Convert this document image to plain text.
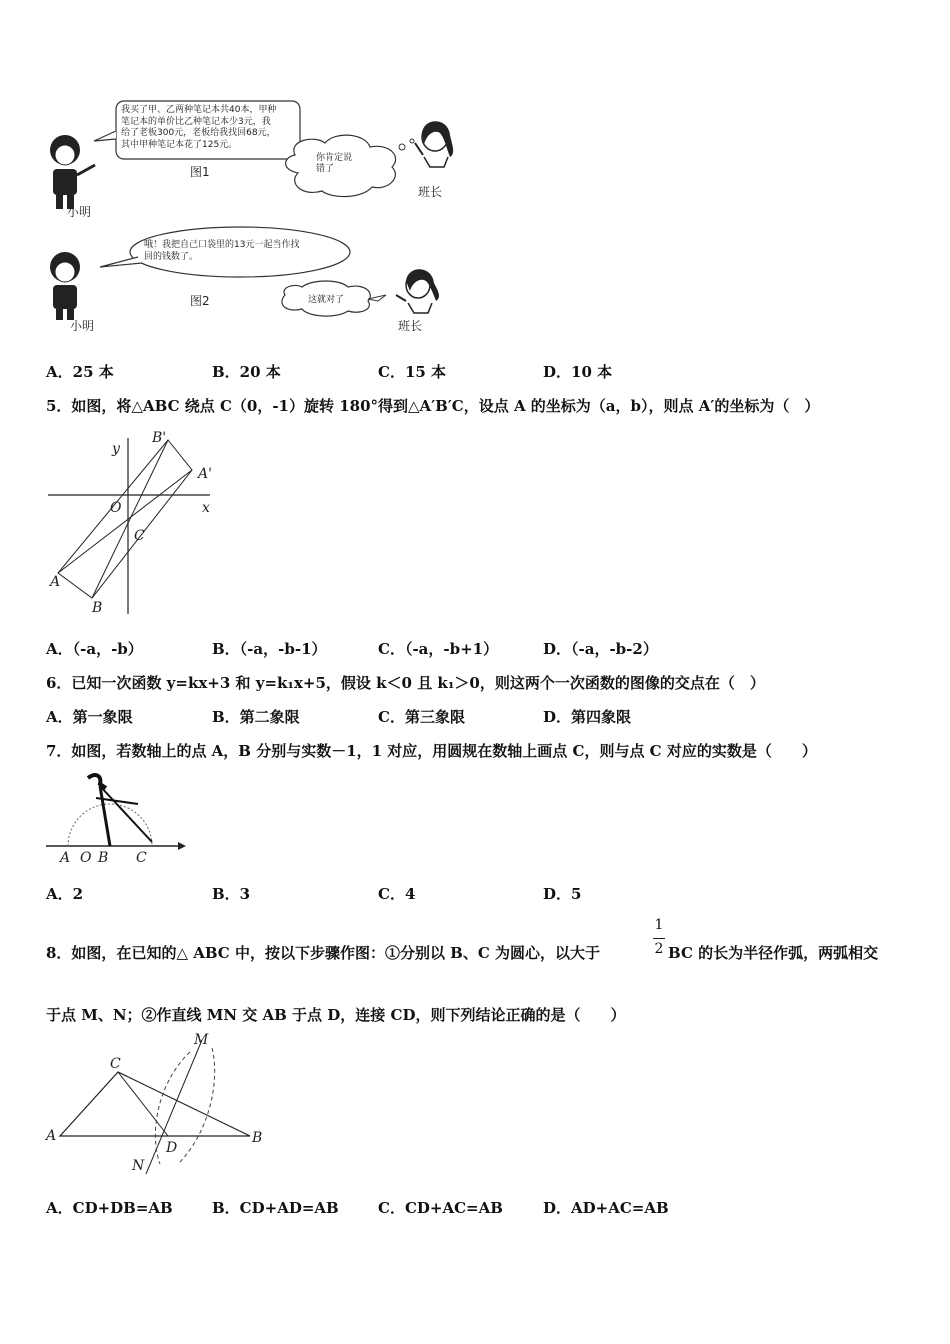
我买了甲、乙两种笔记本共40本，甲种
笔记本的单价比乙种笔记本少3元，我
给了老板300元，老板给我找回68元，
其中甲种笔记本花了125元。
你肯定说
错了
图1
小明
班长
哦！我把自己口袋里的13元一起当作找
回的钱数了。
这就对了
图2
小明	班长
A．25 本	B．20 本	C．15 本	D．10 本
5．如图，将△ABC 绕点 C（0，-1）旋转 180°得到△A′B′C，设点 A 的坐标为（a，b），则点 A′的坐标为（　）
y
x
O
C
A
B
A'
B'
A．（-a，-b）	B．（-a，-b-1）	C．（-a，-b+1）	D．（-a，-b-2）
6．已知一次函数 y=kx+3 和 y=k₁x+5，假设 k＜0 且 k₁＞0，则这两个一次函数的图像的交点在（　）
A．第一象限	B．第二象限	C．第三象限	D．第四象限
7．如图，若数轴上的点 A，B 分别与实数－1，1 对应，用圆规在数轴上画点 C，则与点 C 对应的实数是（　　）
A O B C
A．2	B．3	C．4	D．5
8．如图，在已知的△ ABC 中，按以下步骤作图：①分别以 B、C 为圆心，以大于
1
2 BC 的长为半径作弧，两弧相交
于点 M、N；②作直线 MN 交 AB 于点 D，连接 CD，则下列结论正确的是（　　）
M
C
A	B
D
N
A．CD+DB=AB	B．CD+AD=AB	C．CD+AC=AB	D．AD+AC=AB
